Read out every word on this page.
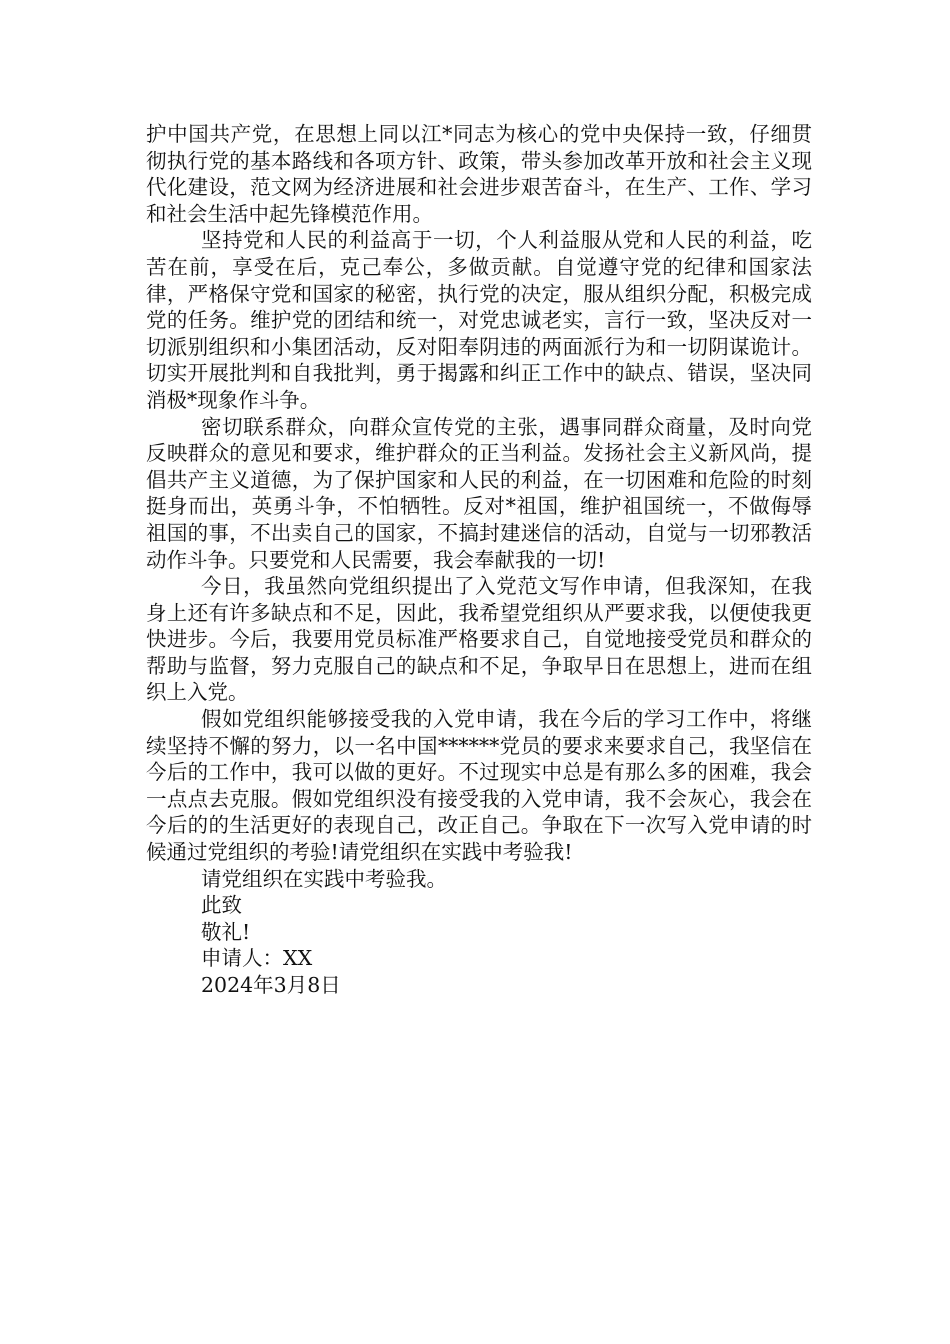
护中国共产党，在思想上同以江*同志为核心的党中央保持一致，仔细贯彻执行党的基本路线和各项方针、政策，带头参加改革开放和社会主义现代化建设，范文网为经济进展和社会进步艰苦奋斗，在生产、工作、学习和社会生活中起先锋模范作用。

坚持党和人民的利益高于一切，个人利益服从党和人民的利益，吃苦在前，享受在后，克己奉公，多做贡献。自觉遵守党的纪律和国家法律，严格保守党和国家的秘密，执行党的决定，服从组织分配，积极完成党的任务。维护党的团结和统一，对党忠诚老实，言行一致，坚决反对一切派别组织和小集团活动，反对阳奉阴违的两面派行为和一切阴谋诡计。切实开展批判和自我批判，勇于揭露和纠正工作中的缺点、错误，坚决同消极*现象作斗争。

密切联系群众，向群众宣传党的主张，遇事同群众商量，及时向党反映群众的意见和要求，维护群众的正当利益。发扬社会主义新风尚，提倡共产主义道德，为了保护国家和人民的利益，在一切困难和危险的时刻挺身而出，英勇斗争，不怕牺牲。反对*祖国，维护祖国统一，不做侮辱祖国的事，不出卖自己的国家，不搞封建迷信的活动，自觉与一切邪教活动作斗争。只要党和人民需要，我会奉献我的一切!

今日，我虽然向党组织提出了入党范文写作申请，但我深知，在我身上还有许多缺点和不足，因此，我希望党组织从严要求我，以便使我更快进步。今后，我要用党员标准严格要求自己，自觉地接受党员和群众的帮助与监督，努力克服自己的缺点和不足，争取早日在思想上，进而在组织上入党。

假如党组织能够接受我的入党申请，我在今后的学习工作中，将继续坚持不懈的努力，以一名中国******党员的要求来要求自己，我坚信在今后的工作中，我可以做的更好。不过现实中总是有那么多的困难，我会一点点去克服。假如党组织没有接受我的入党申请，我不会灰心，我会在今后的的生活更好的表现自己，改正自己。争取在下一次写入党申请的时候通过党组织的考验!请党组织在实践中考验我!

请党组织在实践中考验我。

此致

敬礼!

申请人：XX

2024年3月8日
